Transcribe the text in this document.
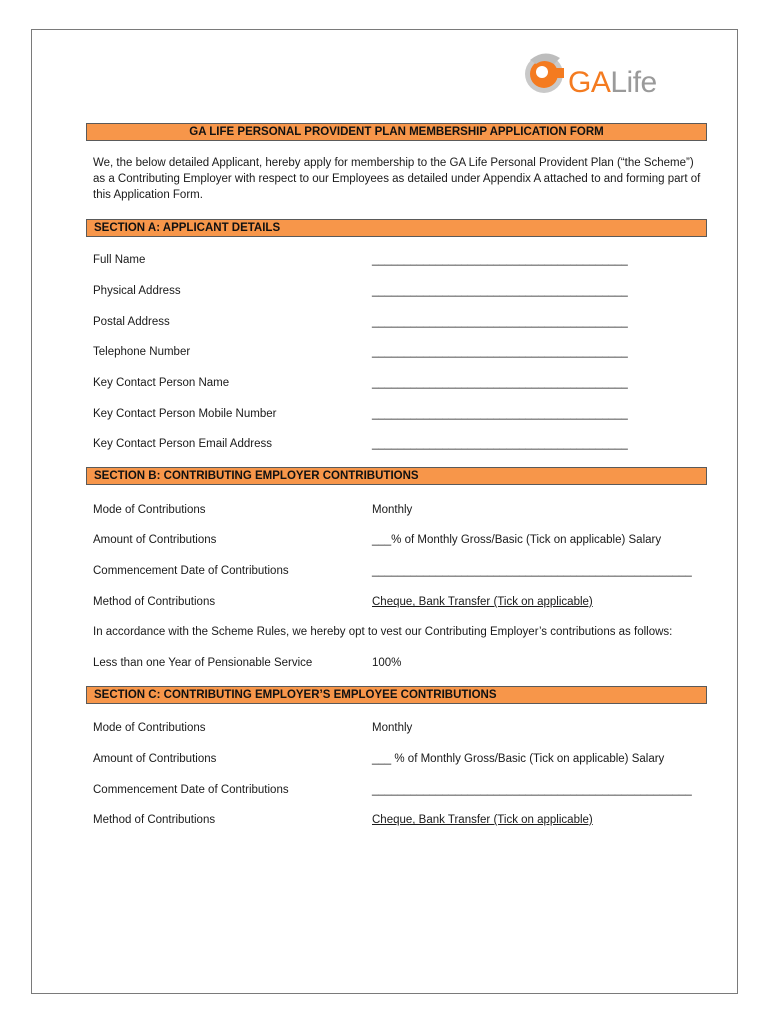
GALife
GA LIFE PERSONAL PROVIDENT PLAN MEMBERSHIP APPLICATION FORM
We, the below detailed Applicant, hereby apply for membership to the GA Life Personal Provident Plan (“the Scheme”) as a Contributing Employer with respect to our Employees as detailed under Appendix A attached to and forming part of this Application Form.
SECTION A: APPLICANT DETAILS
Full Name	________________________________________
Physical Address	________________________________________
Postal Address	________________________________________
Telephone Number	________________________________________
Key Contact Person Name	________________________________________
Key Contact Person Mobile Number	________________________________________
Key Contact Person Email Address	________________________________________
SECTION B: CONTRIBUTING EMPLOYER CONTRIBUTIONS
Mode of Contributions	Monthly
Amount of Contributions	___% of Monthly Gross/Basic (Tick on applicable) Salary
Commencement Date of Contributions	__________________________________________________
Method of Contributions	Cheque, Bank Transfer (Tick on applicable)
In accordance with the Scheme Rules, we hereby opt to vest our Contributing Employer’s contributions as follows:
Less than one Year of Pensionable Service	100%
SECTION C: CONTRIBUTING EMPLOYER’S EMPLOYEE CONTRIBUTIONS
Mode of Contributions	Monthly
Amount of Contributions	___ % of Monthly Gross/Basic (Tick on applicable) Salary
Commencement Date of Contributions	__________________________________________________
Method of Contributions	Cheque, Bank Transfer (Tick on applicable)
